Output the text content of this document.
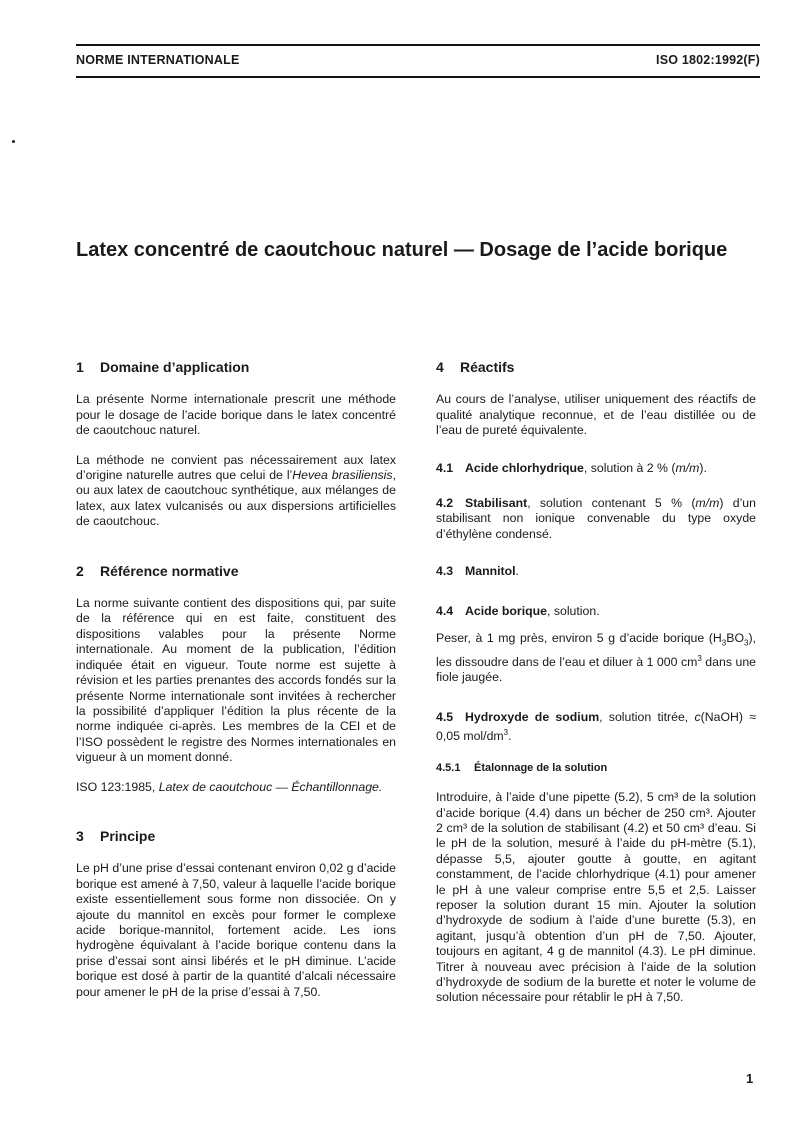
NORME INTERNATIONALE	ISO 1802:1992(F)
Latex concentré de caoutchouc naturel — Dosage de l’acide borique
1 Domaine d’application

La présente Norme internationale prescrit une méthode pour le dosage de l’acide borique dans le latex concentré de caoutchouc naturel.

La méthode ne convient pas nécessairement aux latex d’origine naturelle autres que celui de l’Hevea brasiliensis, ou aux latex de caoutchouc synthétique, aux mélanges de latex, aux latex vulcanisés ou aux dispersions artificielles de caoutchouc.

2 Référence normative

La norme suivante contient des dispositions qui, par suite de la référence qui en est faite, constituent des dispositions valables pour la présente Norme internationale. Au moment de la publication, l’édition indiquée était en vigueur. Toute norme est sujette à révision et les parties prenantes des accords fondés sur la présente Norme internationale sont invitées à rechercher la possibilité d’appliquer l’édition la plus récente de la norme indiquée ci-après. Les membres de la CEI et de l’ISO possèdent le registre des Normes internationales en vigueur à un moment donné.

ISO 123:1985, Latex de caoutchouc — Échantillonnage.

3 Principe

Le pH d’une prise d’essai contenant environ 0,02 g d’acide borique est amené à 7,50, valeur à laquelle l’acide borique existe essentiellement sous forme non dissociée. On y ajoute du mannitol en excès pour former le complexe acide borique-mannitol, fortement acide. Les ions hydrogène équivalant à l’acide borique contenu dans la prise d’essai sont ainsi libérés et le pH diminue. L’acide borique est dosé à partir de la quantité d’alcali nécessaire pour amener le pH de la prise d’essai à 7,50.

4 Réactifs

Au cours de l’analyse, utiliser uniquement des réactifs de qualité analytique reconnue, et de l’eau distillée ou de l’eau de pureté équivalente.

4.1 Acide chlorhydrique, solution à 2 % (m/m).

4.2 Stabilisant, solution contenant 5 % (m/m) d’un stabilisant non ionique convenable du type oxyde d’éthylène condensé.

4.3 Mannitol.

4.4 Acide borique, solution.

Peser, à 1 mg près, environ 5 g d’acide borique $(H_3BO_3)$, les dissoudre dans de l’eau et diluer à 1 000 $cm^3$ dans une fiole jaugée.

4.5 Hydroxyde de sodium, solution titrée, c(NaOH) ≈ 0,05 mol/$dm^3$.

4.5.1 Étalonnage de la solution

Introduire, à l’aide d’une pipette (5.2), 5 cm³ de la solution d’acide borique (4.4) dans un bécher de 250 cm³. Ajouter 2 cm³ de la solution de stabilisant (4.2) et 50 cm³ d’eau. Si le pH de la solution, mesuré à l’aide du pH-mètre (5.1), dépasse 5,5, ajouter goutte à goutte, en agitant constamment, de l’acide chlorhydrique (4.1) pour amener le pH à une valeur comprise entre 5,5 et 2,5. Laisser reposer la solution durant 15 min. Ajouter la solution d’hydroxyde de sodium à l’aide d’une burette (5.3), en agitant, jusqu’à obtention d’un pH de 7,50. Ajouter, toujours en agitant, 4 g de mannitol (4.3). Le pH diminue. Titrer à nouveau avec précision à l’aide de la solution d’hydroxyde de sodium de la burette et noter le volume de solution nécessaire pour rétablir le pH à 7,50.

1
